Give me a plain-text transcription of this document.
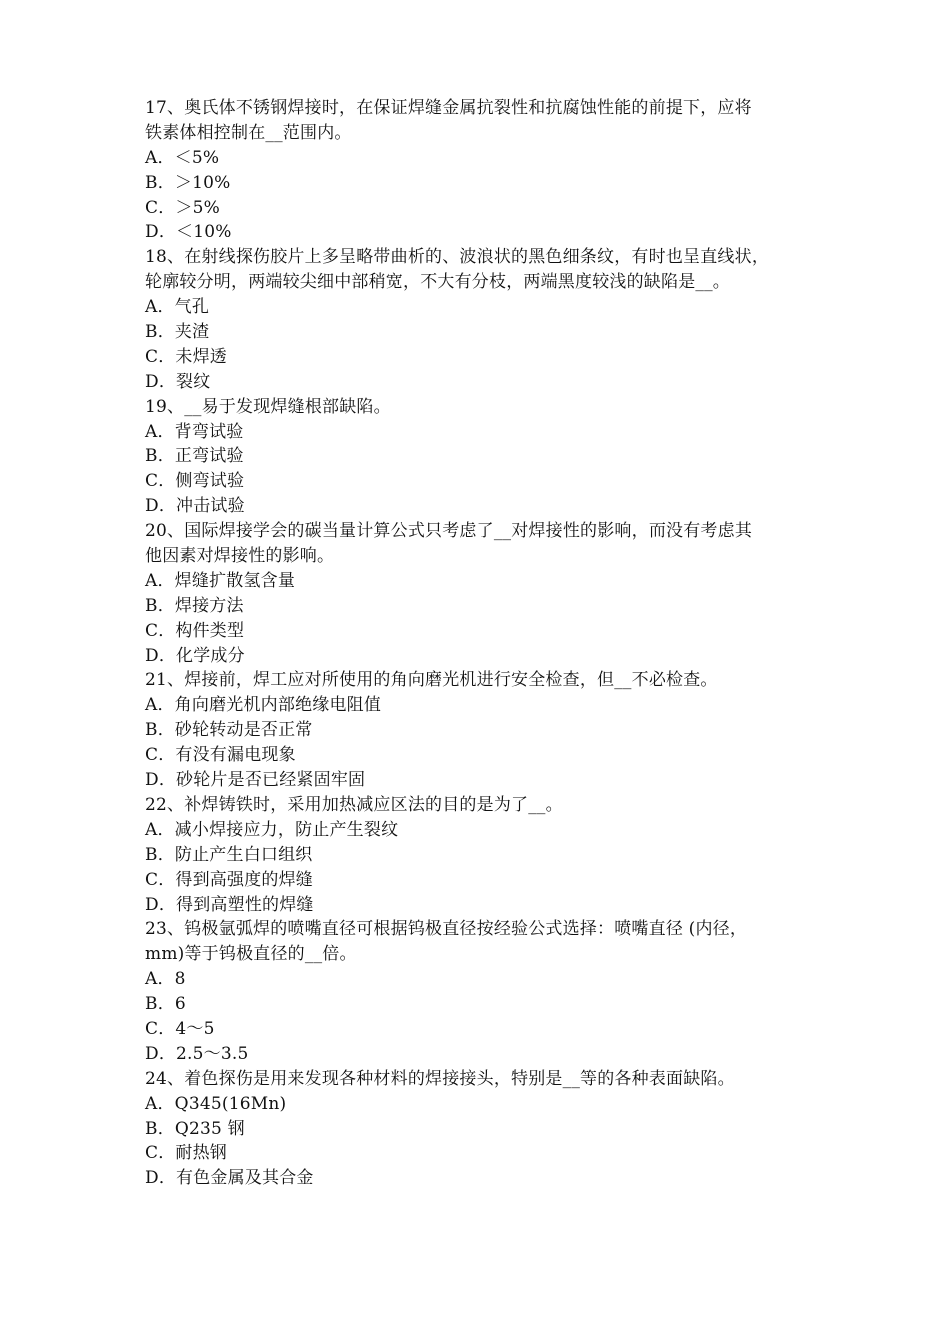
17、奥氏体不锈钢焊接时，在保证焊缝金属抗裂性和抗腐蚀性能的前提下，应将
铁素体相控制在__范围内。
A．＜5%
B．＞10%
C．＞5%
D．＜10%
18、在射线探伤胶片上多呈略带曲析的、波浪状的黑色细条纹，有时也呈直线状，
轮廓较分明，两端较尖细中部稍宽，不大有分枝，两端黑度较浅的缺陷是__。
A．气孔
B．夹渣
C．未焊透
D．裂纹
19、__易于发现焊缝根部缺陷。
A．背弯试验
B．正弯试验
C．侧弯试验
D．冲击试验
20、国际焊接学会的碳当量计算公式只考虑了__对焊接性的影响，而没有考虑其
他因素对焊接性的影响。
A．焊缝扩散氢含量
B．焊接方法
C．构件类型
D．化学成分
21、焊接前，焊工应对所使用的角向磨光机进行安全检查，但__不必检查。
A．角向磨光机内部绝缘电阻值
B．砂轮转动是否正常
C．有没有漏电现象
D．砂轮片是否已经紧固牢固
22、补焊铸铁时，采用加热减应区法的目的是为了__。
A．减小焊接应力，防止产生裂纹
B．防止产生白口组织
C．得到高强度的焊缝
D．得到高塑性的焊缝
23、钨极氩弧焊的喷嘴直径可根据钨极直径按经验公式选择：喷嘴直径 (内径，
mm)等于钨极直径的__倍。
A．8
B．6
C．4～5
D．2.5～3.5
24、着色探伤是用来发现各种材料的焊接接头，特别是__等的各种表面缺陷。
A．Q345(16Mn)
B．Q235 钢
C．耐热钢
D．有色金属及其合金
